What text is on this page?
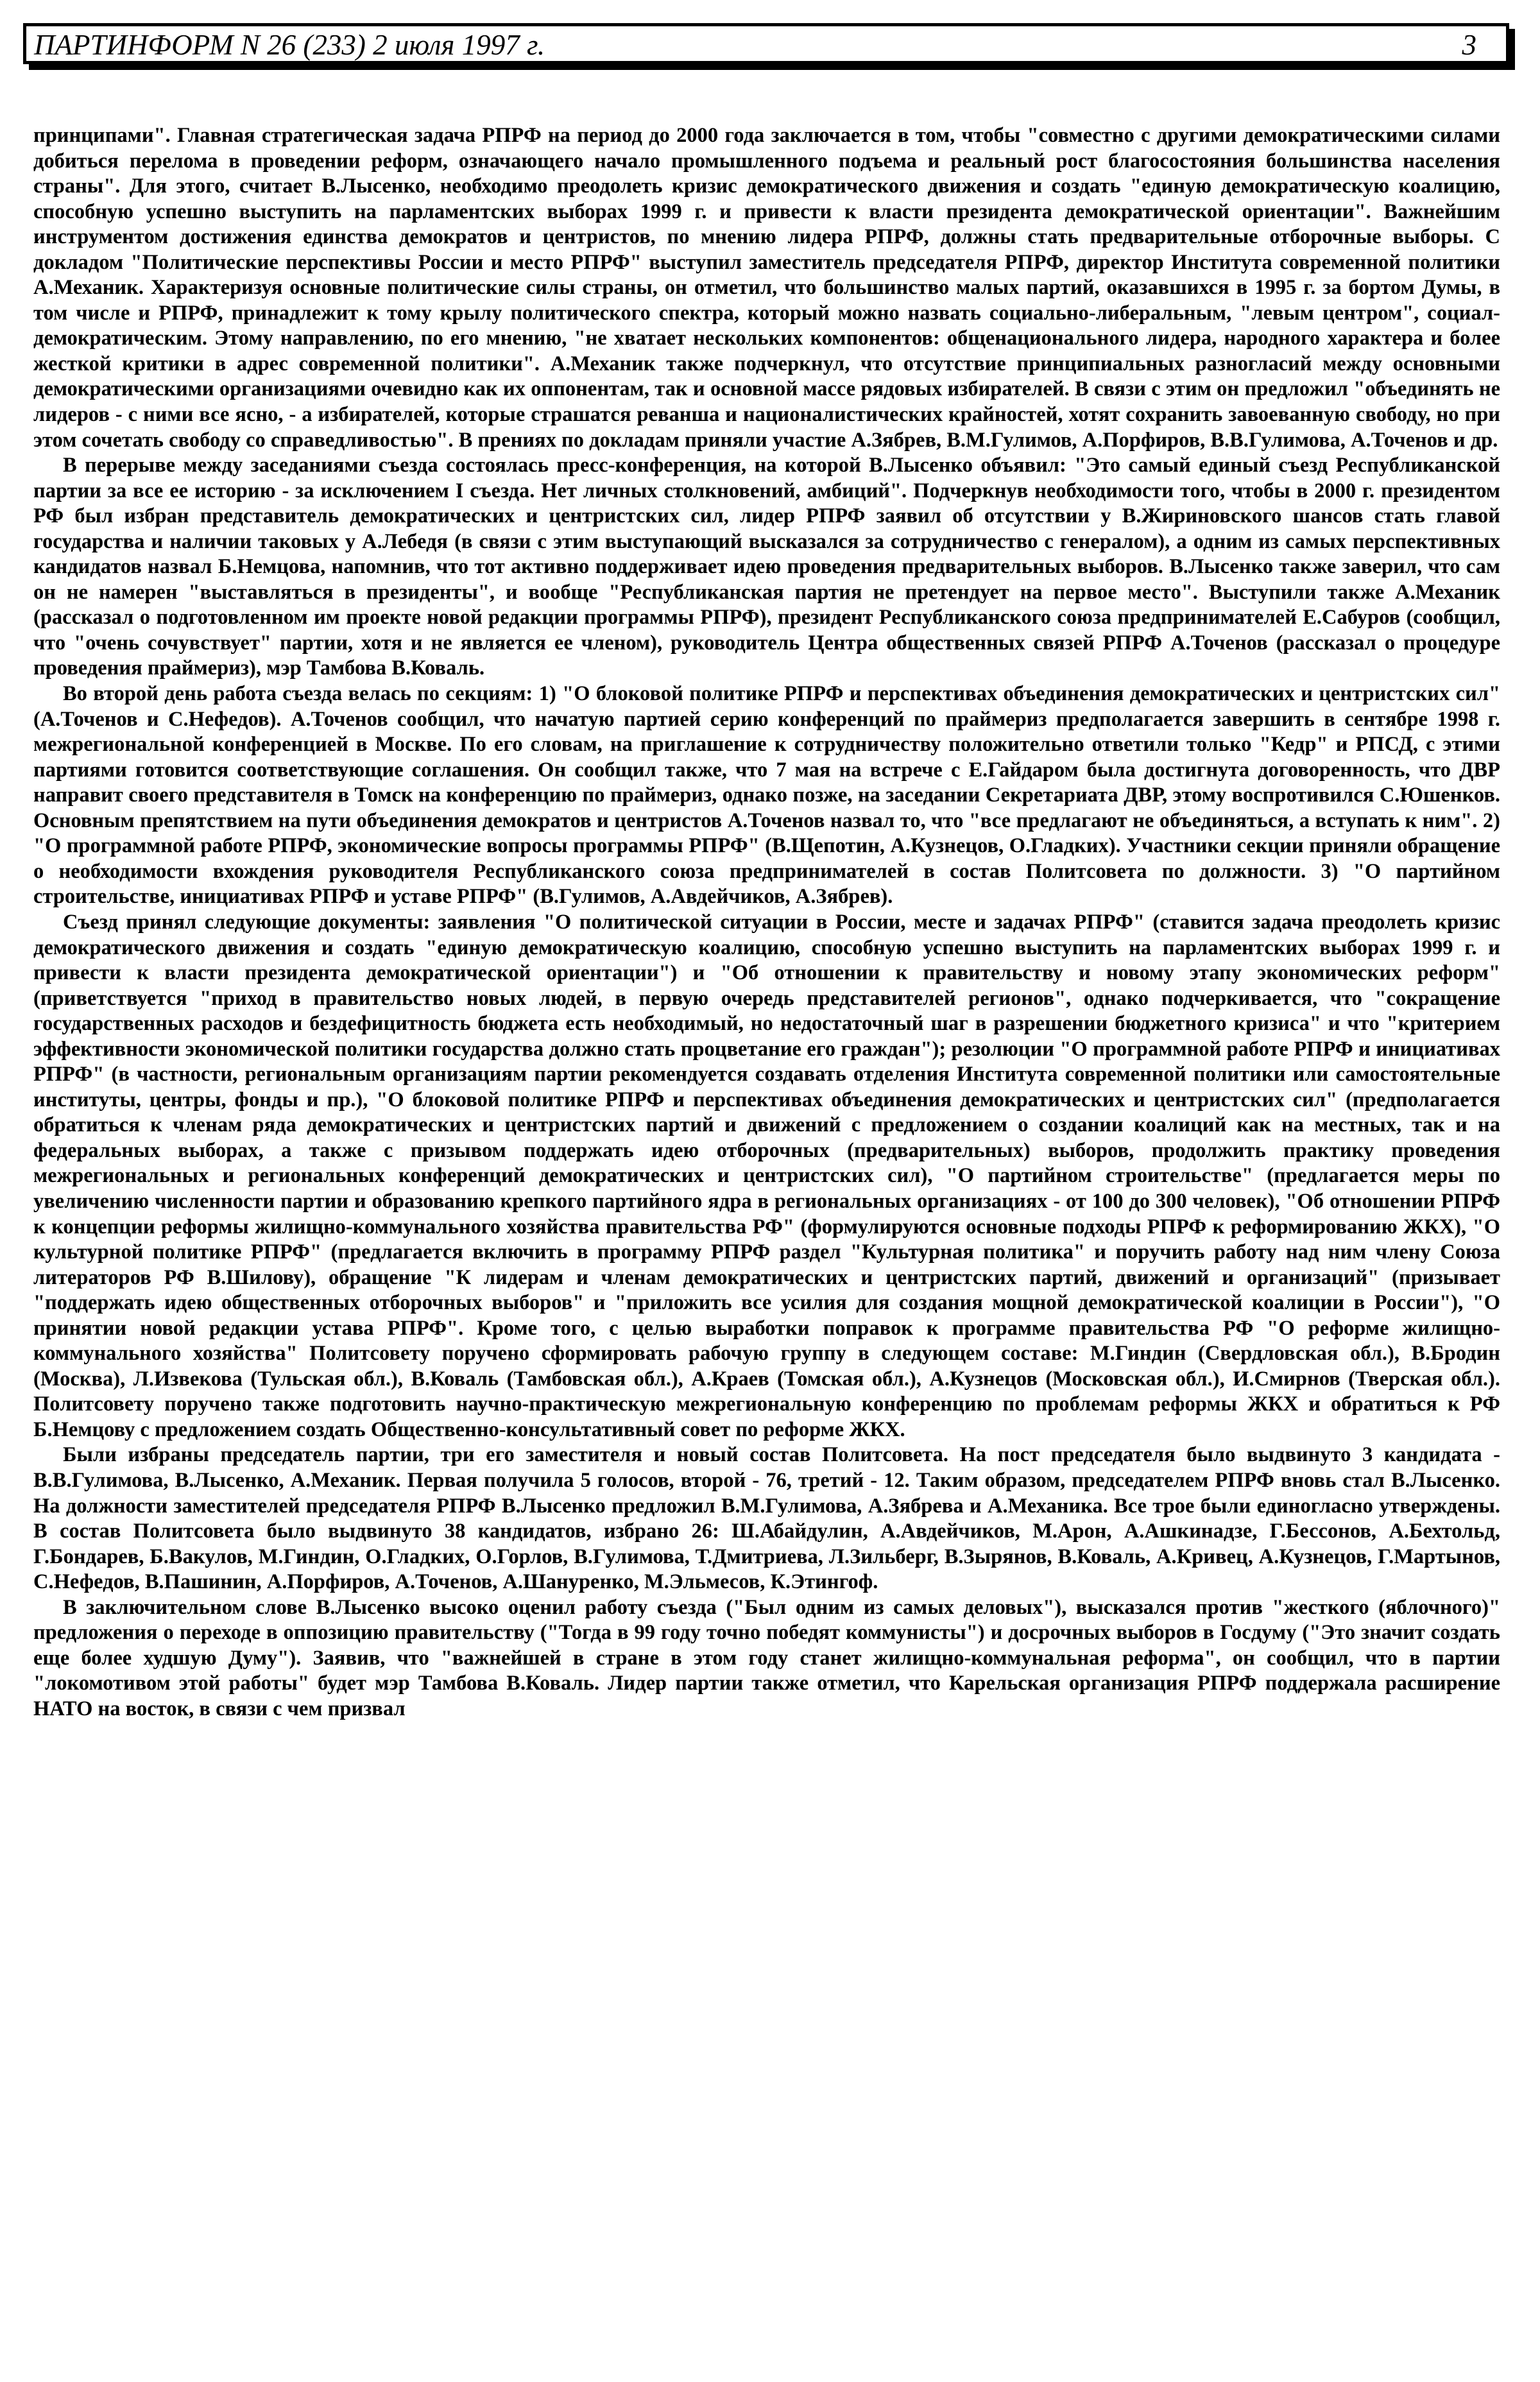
ПАРТИНФОРМ N 26 (233) 2 июля 1997 г.	3

принципами". Главная стратегическая задача РПРФ на период до 2000 года заключается в том, чтобы "совместно с другими демократическими силами добиться перелома в проведении реформ, означающего начало промышленного подъема и реальный рост благосостояния большинства населения страны". Для этого, считает В.Лысенко, необходимо преодолеть кризис демократического движения и создать "единую демократическую коалицию, способную успешно выступить на парламентских выборах 1999 г. и привести к власти президента демократической ориентации". Важнейшим инструментом достижения единства демократов и центристов, по мнению лидера РПРФ, должны стать предварительные отборочные выборы. С докладом "Политические перспективы России и место РПРФ" выступил заместитель председателя РПРФ, директор Института современной политики А.Механик. Характеризуя основные политические силы страны, он отметил, что большинство малых партий, оказавшихся в 1995 г. за бортом Думы, в том числе и РПРФ, принадлежит к тому крылу политического спектра, который можно назвать социально-либеральным, "левым центром", социал-демократическим. Этому направлению, по его мнению, "не хватает нескольких компонентов: общенационального лидера, народного характера и более жесткой критики в адрес современной политики". А.Механик также подчеркнул, что отсутствие принципиальных разногласий между основными демократическими организациями очевидно как их оппонентам, так и основной массе рядовых избирателей. В связи с этим он предложил "объединять не лидеров - с ними все ясно, - а избирателей, которые страшатся реванша и националистических крайностей, хотят сохранить завоеванную свободу, но при этом сочетать свободу со справедливостью". В прениях по докладам приняли участие А.Зябрев, В.М.Гулимов, А.Порфиров, В.В.Гулимова, А.Точенов и др.

В перерыве между заседаниями съезда состоялась пресс-конференция, на которой В.Лысенко объявил: "Это самый единый съезд Республиканской партии за все ее историю - за исключением I съезда. Нет личных столкновений, амбиций". Подчеркнув необходимости того, чтобы в 2000 г. президентом РФ был избран представитель демократических и центристских сил, лидер РПРФ заявил об отсутствии у В.Жириновского шансов стать главой государства и наличии таковых у А.Лебедя (в связи с этим выступающий высказался за сотрудничество с генералом), а одним из самых перспективных кандидатов назвал Б.Немцова, напомнив, что тот активно поддерживает идею проведения предварительных выборов. В.Лысенко также заверил, что сам он не намерен "выставляться в президенты", и вообще "Республиканская партия не претендует на первое место". Выступили также А.Механик (рассказал о подготовленном им проекте новой редакции программы РПРФ), президент Республиканского союза предпринимателей Е.Сабуров (сообщил, что "очень сочувствует" партии, хотя и не является ее членом), руководитель Центра общественных связей РПРФ А.Точенов (рассказал о процедуре проведения праймериз), мэр Тамбова В.Коваль.

Во второй день работа съезда велась по секциям: 1) "О блоковой политике РПРФ и перспективах объединения демократических и центристских сил"(А.Точенов и С.Нефедов). А.Точенов сообщил, что начатую партией серию конференций по праймериз предполагается завершить в сентябре 1998 г. межрегиональной конференцией в Москве. По его словам, на приглашение к сотрудничеству положительно ответили только "Кедр" и РПСД, с этими партиями готовится соответствующие соглашения. Он сообщил также, что 7 мая на встрече с Е.Гайдаром была достигнута договоренность, что ДВР направит своего представителя в Томск на конференцию по праймериз, однако позже, на заседании Секретариата ДВР, этому воспротивился С.Юшенков. Основным препятствием на пути объединения демократов и центристов А.Точенов назвал то, что "все предлагают не объединяться, а вступать к ним". 2) "О программной работе РПРФ, экономические вопросы программы РПРФ" (В.Щепотин, А.Кузнецов, О.Гладких). Участники секции приняли обращение о необходимости вхождения руководителя Республиканского союза предпринимателей в состав Политсовета по должности. 3) "О партийном строительстве, инициативах РПРФ и уставе РПРФ" (В.Гулимов, А.Авдейчиков, А.Зябрев).

Съезд принял следующие документы: заявления "О политической ситуации в России, месте и задачах РПРФ" (ставится задача преодолеть кризис демократического движения и создать "единую демократическую коалицию, способную успешно выступить на парламентских выборах 1999 г. и привести к власти президента демократической ориентации") и "Об отношении к правительству и новому этапу экономических реформ" (приветствуется "приход в правительство новых людей, в первую очередь представителей регионов", однако подчеркивается, что "сокращение государственных расходов и бездефицитность бюджета есть необходимый, но недостаточный шаг в разрешении бюджетного кризиса" и что "критерием эффективности экономической политики государства должно стать процветание его граждан"); резолюции "О программной работе РПРФ и инициативах РПРФ" (в частности, региональным организациям партии рекомендуется создавать отделения Института современной политики или самостоятельные институты, центры, фонды и пр.), "О блоковой политике РПРФ и перспективах объединения демократических и центристских сил" (предполагается обратиться к членам ряда демократических и центристских партий и движений с предложением о создании коалиций как на местных, так и на федеральных выборах, а также с призывом поддержать идею отборочных (предварительных) выборов, продолжить практику проведения межрегиональных и региональных конференций демократических и центристских сил), "О партийном строительстве" (предлагается меры по увеличению численности партии и образованию крепкого партийного ядра в региональных организациях - от 100 до 300 человек), "Об отношении РПРФ к концепции реформы жилищно-коммунального хозяйства правительства РФ" (формулируются основные подходы РПРФ к реформированию ЖКХ), "О культурной политике РПРФ" (предлагается включить в программу РПРФ раздел "Культурная политика" и поручить работу над ним члену Союза литераторов РФ В.Шилову), обращение "К лидерам и членам демократических и центристских партий, движений и организаций" (призывает "поддержать идею общественных отборочных выборов" и "приложить все усилия для создания мощной демократической коалиции в России"), "О принятии новой редакции устава РПРФ". Кроме того, с целью выработки поправок к программе правительства РФ "О реформе жилищно-коммунального хозяйства" Политсовету поручено сформировать рабочую группу в следующем составе: М.Гиндин (Свердловская обл.), В.Бродин (Москва), Л.Извекова (Тульская обл.), В.Коваль (Тамбовская обл.), А.Краев (Томская обл.), А.Кузнецов (Московская обл.), И.Смирнов (Тверская обл.). Политсовету поручено также подготовить научно-практическую межрегиональную конференцию по проблемам реформы ЖКХ и обратиться к РФ Б.Немцову с предложением создать Общественно-консультативный совет по реформе ЖКХ.

Были избраны председатель партии, три его заместителя и новый состав Политсовета. На пост председателя было выдвинуто 3 кандидата - В.В.Гулимова, В.Лысенко, А.Механик. Первая получила 5 голосов, второй - 76, третий - 12. Таким образом, председателем РПРФ вновь стал В.Лысенко. На должности заместителей председателя РПРФ В.Лысенко предложил В.М.Гулимова, А.Зябрева и А.Механика. Все трое были единогласно утверждены. В состав Политсовета было выдвинуто 38 кандидатов, избрано 26: Ш.Абайдулин, А.Авдейчиков, М.Арон, А.Ашкинадзе, Г.Бессонов, А.Бехтольд, Г.Бондарев, Б.Вакулов, М.Гиндин, О.Гладких, О.Горлов, В.Гулимова, Т.Дмитриева, Л.Зильберг, В.Зырянов, В.Коваль, А.Кривец, А.Кузнецов, Г.Мартынов, С.Нефедов, В.Пашинин, А.Порфиров, А.Точенов, А.Шануренко, М.Эльмесов, К.Этингоф.

В заключительном слове В.Лысенко высоко оценил работу съезда ("Был одним из самых деловых"), высказался против "жесткого (яблочного)" предложения о переходе в оппозицию правительству ("Тогда в 99 году точно победят коммунисты") и досрочных выборов в Госдуму ("Это значит создать еще более худшую Думу"). Заявив, что "важнейшей в стране в этом году станет жилищно-коммунальная реформа", он сообщил, что в партии "локомотивом этой работы" будет мэр Тамбова В.Коваль. Лидер партии также отметил, что Карельская организация РПРФ поддержала расширение НАТО на восток, в связи с чем призвал
